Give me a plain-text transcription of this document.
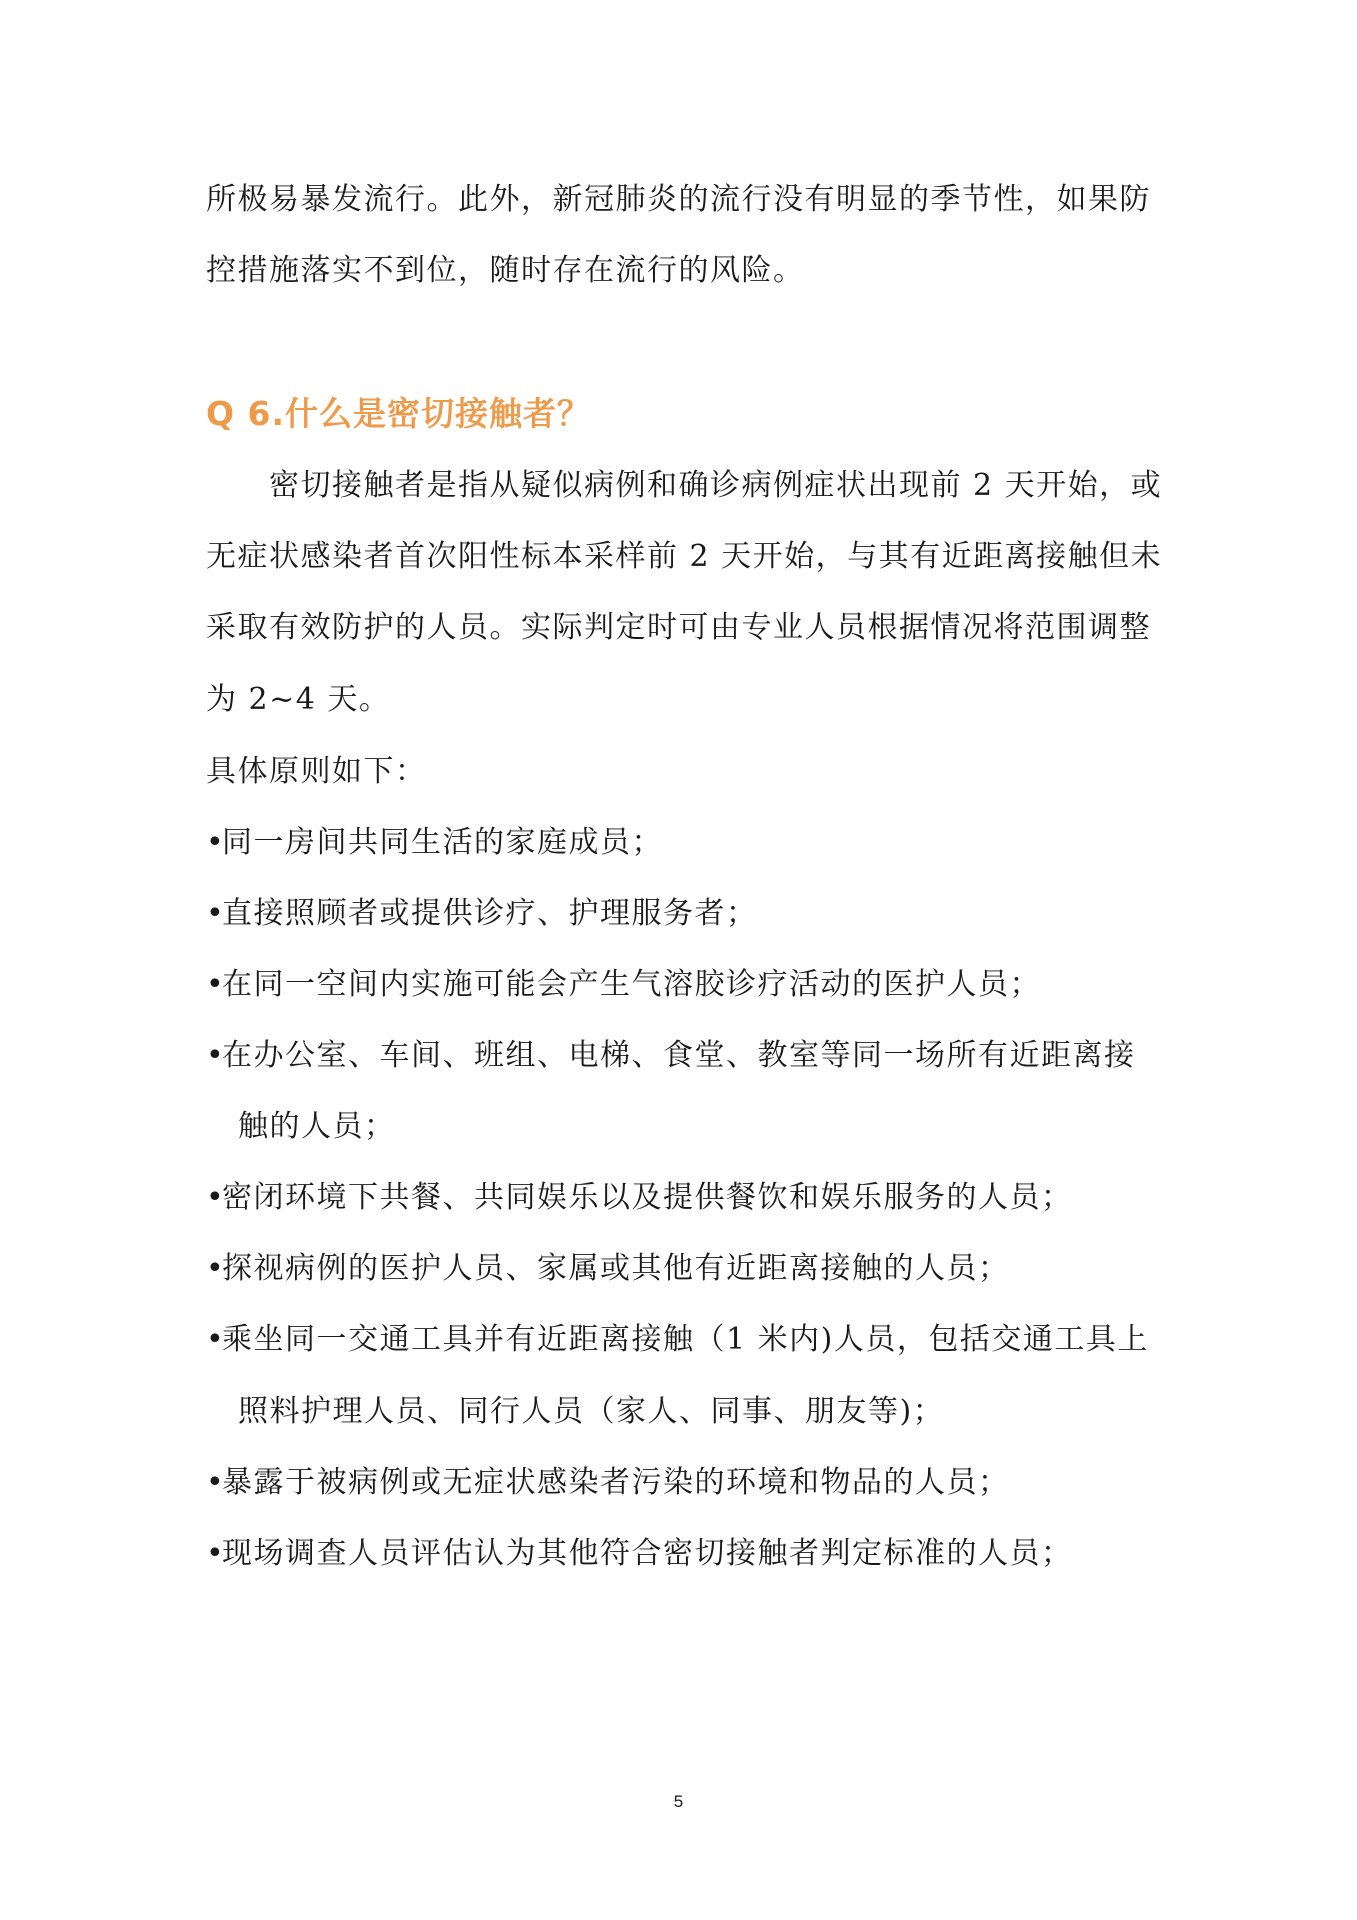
所极易暴发流行。此外，新冠肺炎的流行没有明显的季节性，如果防
控措施落实不到位，随时存在流行的风险。
Q 6.什么是密切接触者？
　　密切接触者是指从疑似病例和确诊病例症状出现前 2 天开始，或
无症状感染者首次阳性标本采样前 2 天开始，与其有近距离接触但未
采取有效防护的人员。实际判定时可由专业人员根据情况将范围调整
为 2~4 天。
具体原则如下：
•同一房间共同生活的家庭成员；
•直接照顾者或提供诊疗、护理服务者；
•在同一空间内实施可能会产生气溶胶诊疗活动的医护人员；
•在办公室、车间、班组、电梯、食堂、教室等同一场所有近距离接
触的人员；
•密闭环境下共餐、共同娱乐以及提供餐饮和娱乐服务的人员；
•探视病例的医护人员、家属或其他有近距离接触的人员；
•乘坐同一交通工具并有近距离接触（1 米内)人员，包括交通工具上
照料护理人员、同行人员（家人、同事、朋友等)；
•暴露于被病例或无症状感染者污染的环境和物品的人员；
•现场调查人员评估认为其他符合密切接触者判定标准的人员；
5
